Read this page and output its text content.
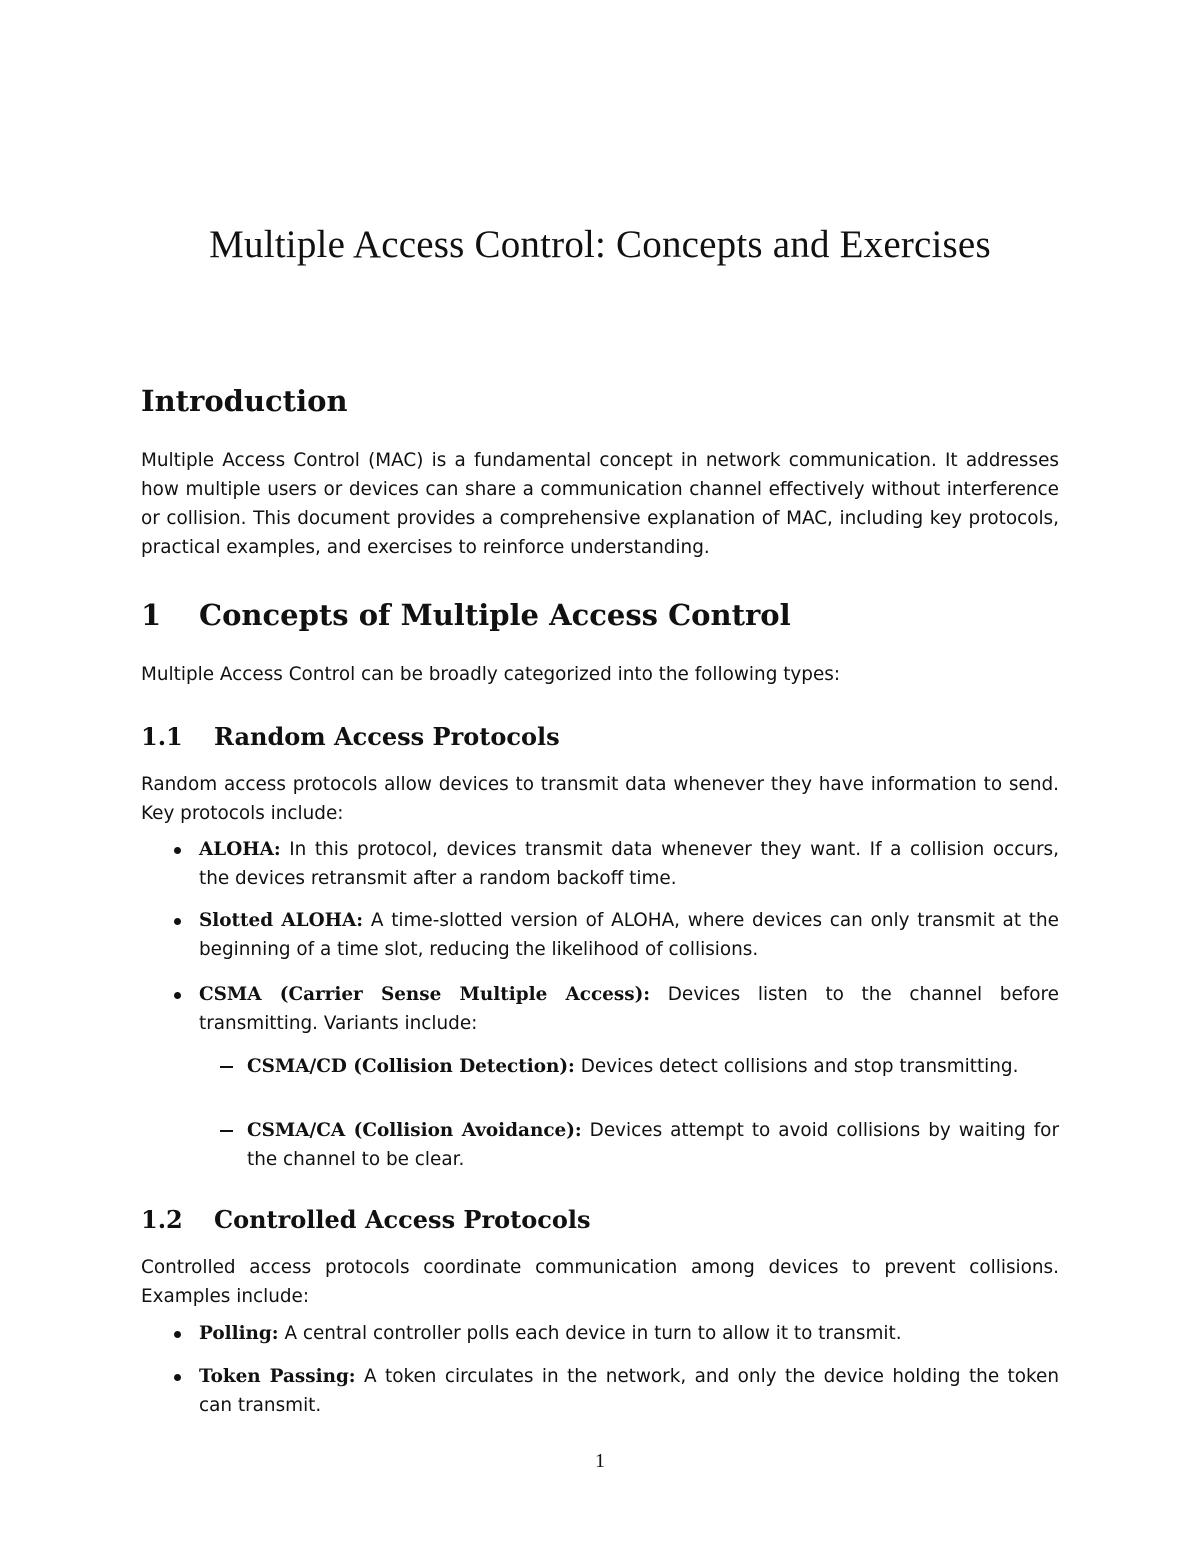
Multiple Access Control: Concepts and Exercises
Introduction

Multiple Access Control (MAC) is a fundamental concept in network communication. It addresses how multiple users or devices can share a communication channel effectively without interference or collision. This document provides a comprehensive explanation of MAC, including key protocols, practical examples, and exercises to reinforce understanding.

1 Concepts of Multiple Access Control

Multiple Access Control can be broadly categorized into the following types:

1.1 Random Access Protocols

Random access protocols allow devices to transmit data whenever they have information to send. Key protocols include:

ALOHA: In this protocol, devices transmit data whenever they want. If a collision occurs, the devices retransmit after a random backoff time.
Slotted ALOHA: A time-slotted version of ALOHA, where devices can only transmit at the beginning of a time slot, reducing the likelihood of collisions.
CSMA (Carrier Sense Multiple Access): Devices listen to the channel before transmitting. Variants include:
CSMA/CD (Collision Detection): Devices detect collisions and stop transmitting.
CSMA/CA (Collision Avoidance): Devices attempt to avoid collisions by waiting for the channel to be clear.
1.2 Controlled Access Protocols

Controlled access protocols coordinate communication among devices to prevent collisions. Examples include:

Polling: A central controller polls each device in turn to allow it to transmit.
Token Passing: A token circulates in the network, and only the device holding the token can transmit.
1
